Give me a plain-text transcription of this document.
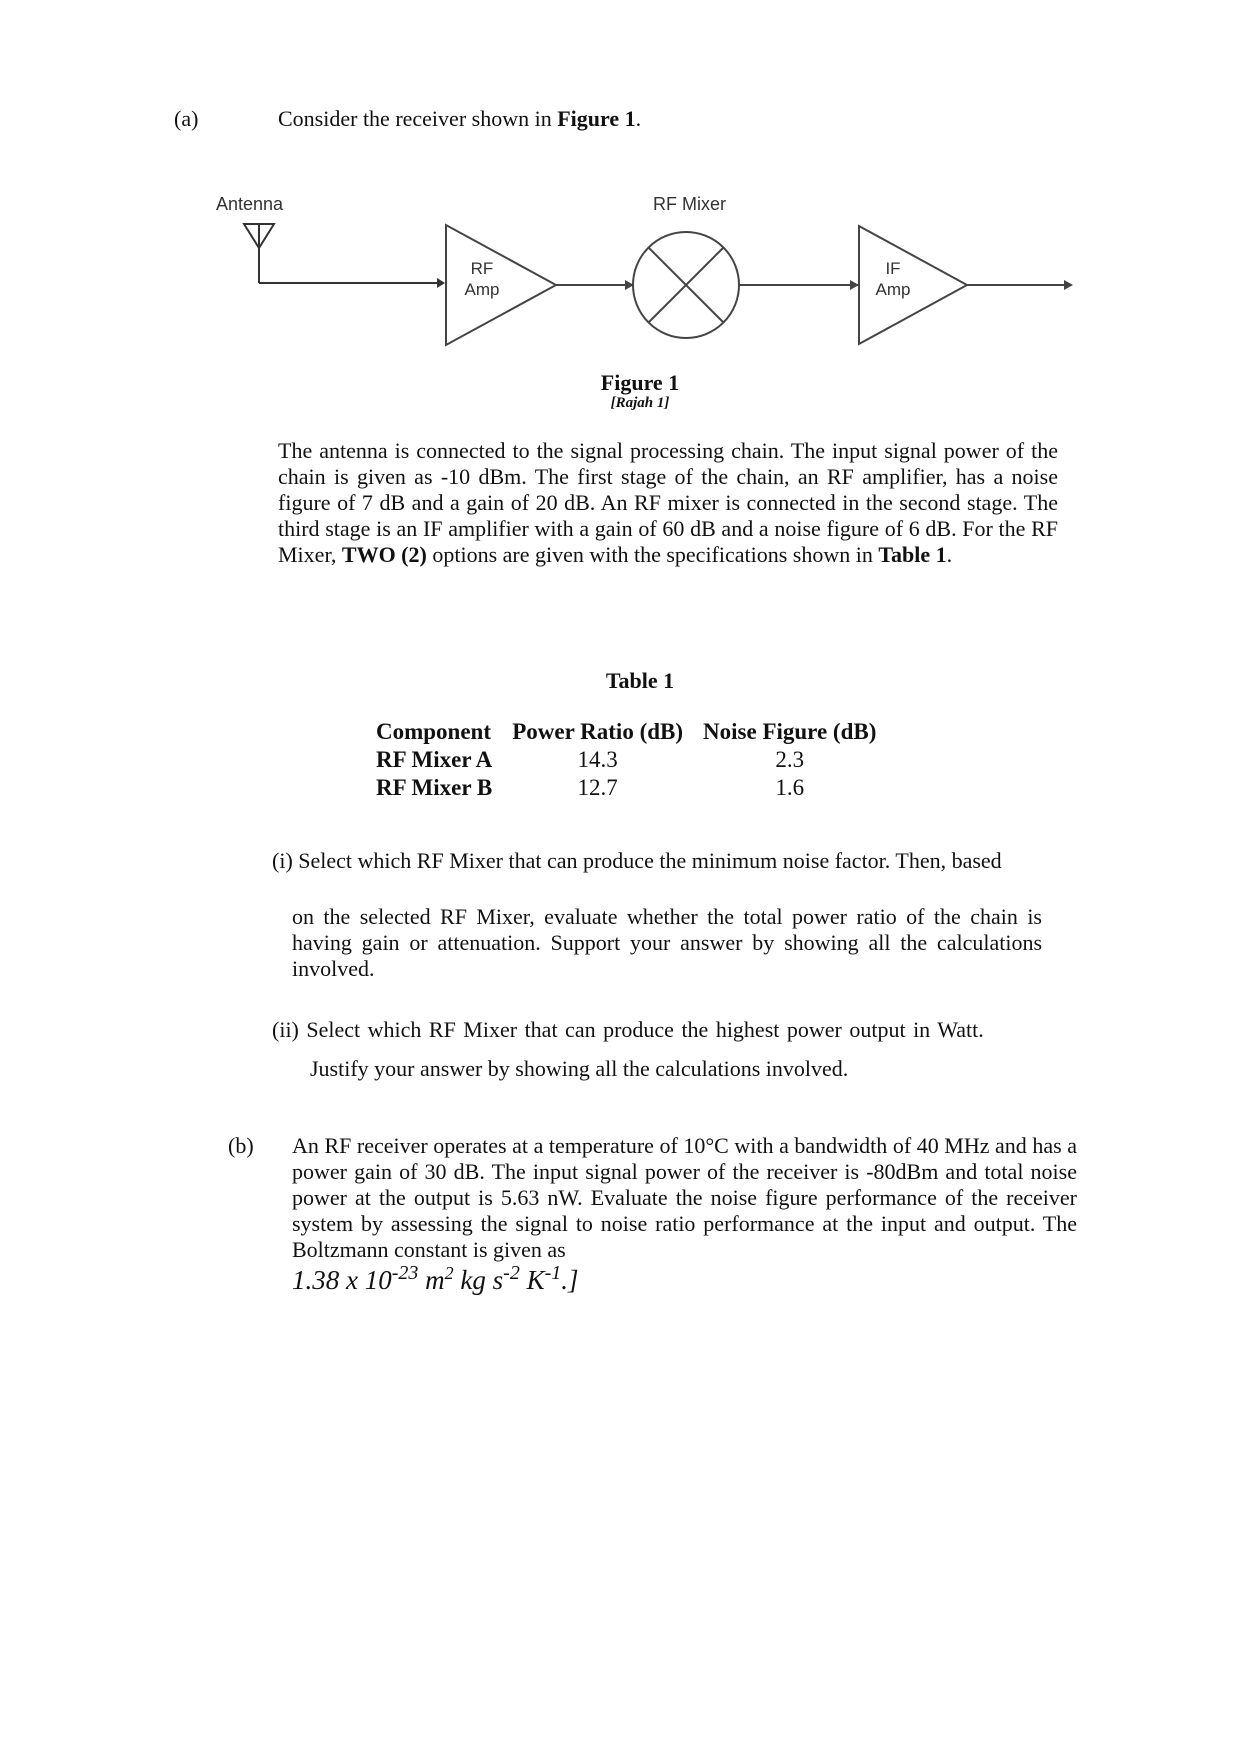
(a)	Consider the receiver shown in Figure 1.
Antenna	RF Mixer
RF
Amp
IF
Amp
Figure 1
[Rajah 1]
The antenna is connected to the signal processing chain. The input signal power of the chain is given as -10 dBm. The first stage of the chain, an RF amplifier, has a noise figure of 7 dB and a gain of 20 dB. An RF mixer is connected in the second stage. The third stage is an IF amplifier with a gain of 60 dB and a noise figure of 6 dB. For the RF Mixer, TWO (2) options are given with the specifications shown in Table 1.
Table 1
Component	Power Ratio (dB)	Noise Figure (dB)
RF Mixer A	14.3	2.3
RF Mixer B	12.7	1.6
(i) Select which RF Mixer that can produce the minimum noise factor. Then, based
on the selected RF Mixer, evaluate whether the total power ratio of the chain is having gain or attenuation. Support your answer by showing all the calculations involved.
(ii) Select which RF Mixer that can produce the highest power output in Watt.
Justify your answer by showing all the calculations involved.
(b) An RF receiver operates at a temperature of 10°C with a bandwidth of 40 MHz and has a power gain of 30 dB. The input signal power of the receiver is -80dBm and total noise power at the output is 5.63 nW. Evaluate the noise figure performance of the receiver system by assessing the signal to noise ratio performance at the input and output. The Boltzmann constant is given as
1.38 x $10^{-23}$ $m^2$ kg $s^{-2}$ $K^{-1}$.]
